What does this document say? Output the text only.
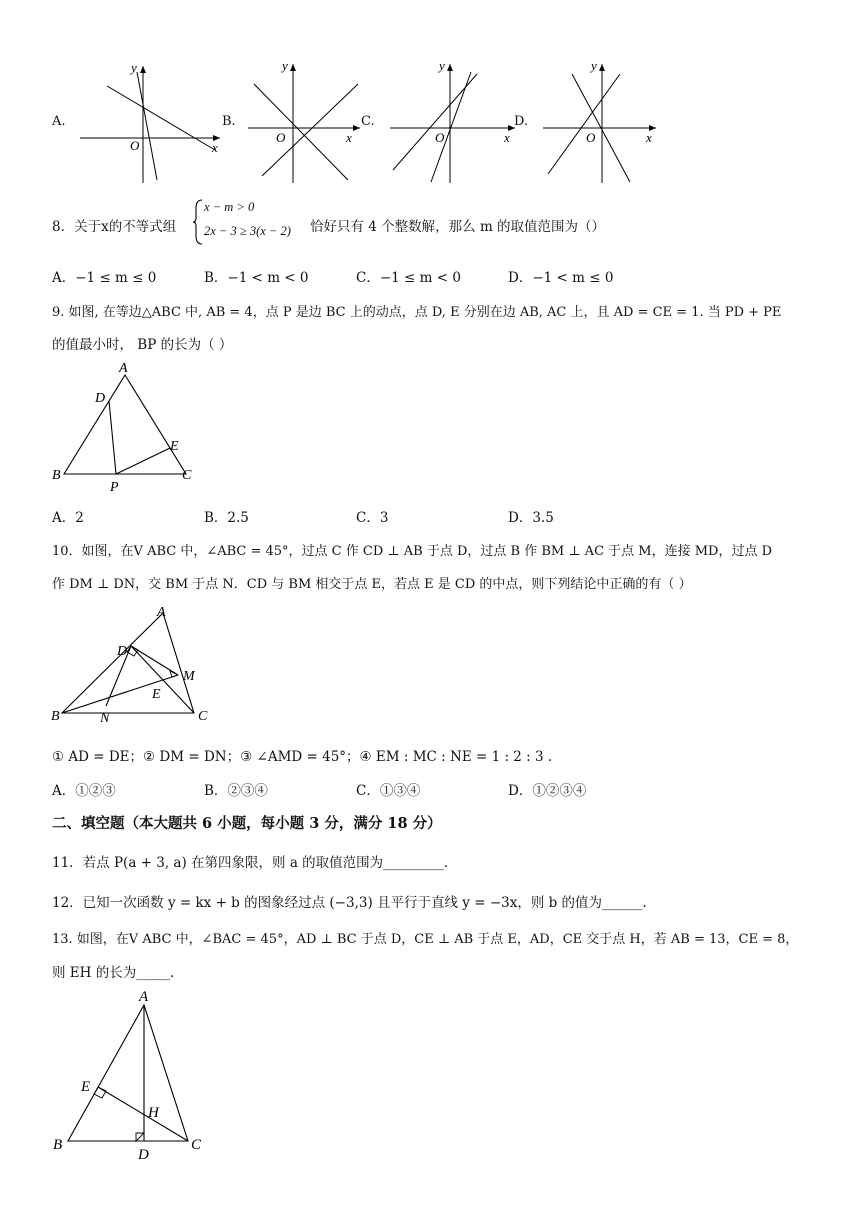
A.
y
x
O
B.
y
x
O
C.
y
x
O
D.
y
x
O
8．关于x的不等式组
x − m > 0
2x − 3 ≥ 3(x − 2) 恰好只有 4 个整数解，那么 m 的取值范围为（）
A．−1 ≤ m ≤ 0	B．−1 < m < 0	C．−1 ≤ m < 0	D．−1 < m ≤ 0
9. 如图, 在等边△ABC 中, AB = 4，点 P 是边 BC 上的动点，点 D, E 分别在边 AB, AC 上，且 AD = CE = 1. 当 PD + PE
的值最小时， BP 的长为（ ）
A
D
E
B	C
P
A．2	B．2.5	C．3	D．3.5
10．如图，在V ABC 中，∠ABC = 45°，过点 C 作 CD ⊥ AB 于点 D，过点 B 作 BM ⊥ AC 于点 M，连接 MD，过点 D
作 DM ⊥ DN，交 BM 于点 N．CD 与 BM 相交于点 E，若点 E 是 CD 的中点，则下列结论中正确的有（ ）
A
D
M
E
N
B	C
① AD = DE；② DM = DN；③ ∠AMD = 45°；④ EM : MC : NE = 1 : 2 : 3 .
A．①②③	B．②③④	C．①③④	D．①②③④
二、填空题（本大题共 6 小题，每小题 3 分，满分 18 分）
11．若点 P(a + 3, a) 在第四象限，则 a 的取值范围为_________.
12．已知一次函数 y = kx + b 的图象经过点 (−3,3) 且平行于直线 y = −3x，则 b 的值为______.
13. 如图，在V ABC 中，∠BAC = 45°，AD ⊥ BC 于点 D，CE ⊥ AB 于点 E，AD，CE 交于点 H，若 AB = 13，CE = 8，
则 EH 的长为_____.
A
E
H
B	C
D
